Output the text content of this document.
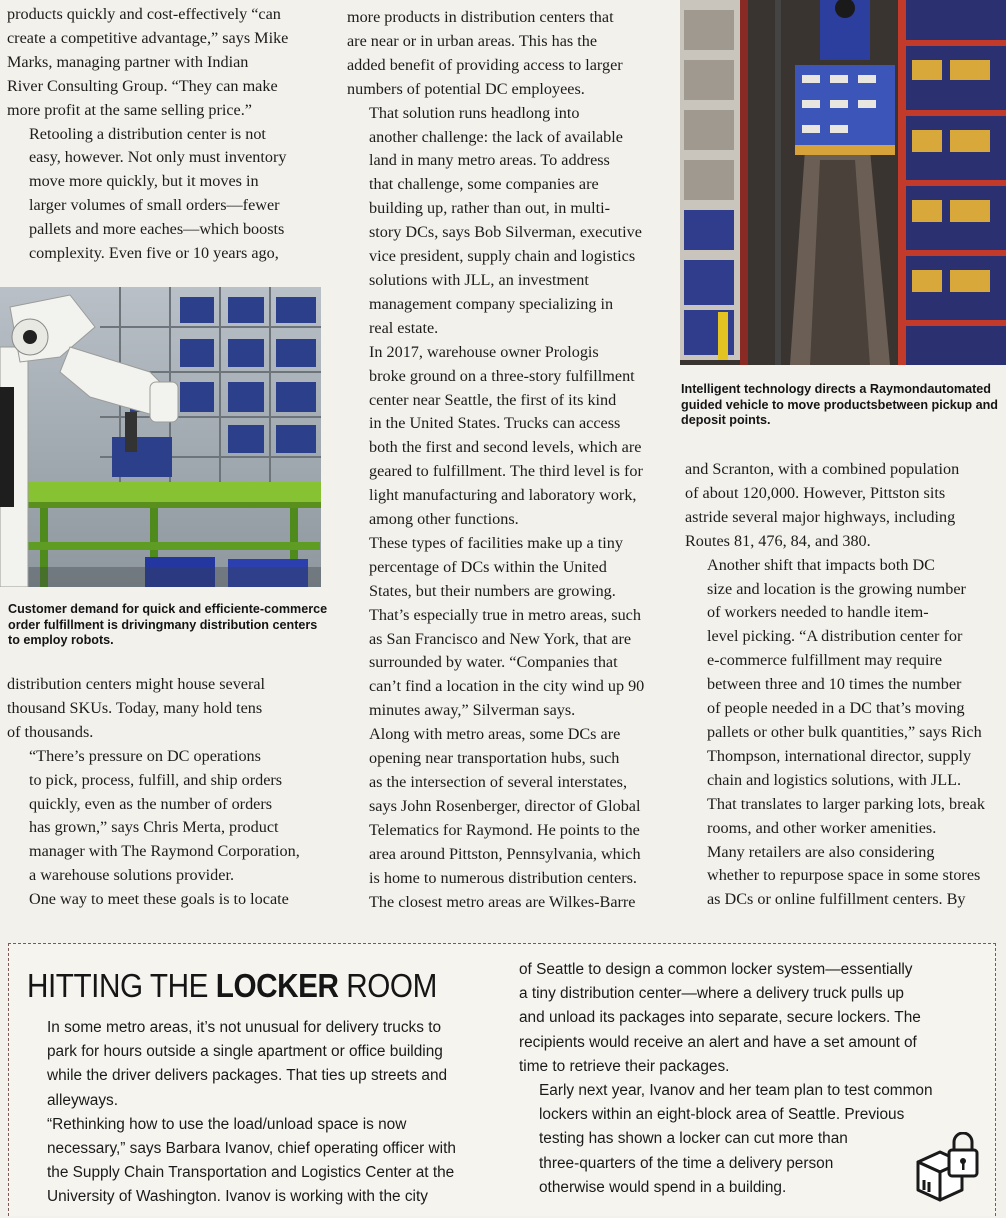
products quickly and cost-effectively “can
create a competitive advantage,” says Mike
Marks, managing partner with Indian
River Consulting Group. “They can make
more profit at the same selling price.”

Retooling a distribution center is not
easy, however. Not only must inventory
move more quickly, but it moves in
larger volumes of small orders—fewer
pallets and more eaches—which boosts
complexity. Even five or 10 years ago,

Customer demand for quick and efficiente-commerce order fulfillment is drivingmany distribution centers to employ robots.

distribution centers might house several
thousand SKUs. Today, many hold tens
of thousands.

“There’s pressure on DC operations
to pick, process, fulfill, and ship orders
quickly, even as the number of orders
has grown,” says Chris Merta, product
manager with The Raymond Corporation,
a warehouse solutions provider.

One way to meet these goals is to locate

more products in distribution centers that
are near or in urban areas. This has the
added benefit of providing access to larger
numbers of potential DC employees.

That solution runs headlong into
another challenge: the lack of available
land in many metro areas. To address
that challenge, some companies are
building up, rather than out, in multi-
story DCs, says Bob Silverman, executive
vice president, supply chain and logistics
solutions with JLL, an investment
management company specializing in
real estate.

In 2017, warehouse owner Prologis
broke ground on a three-story fulfillment
center near Seattle, the first of its kind
in the United States. Trucks can access
both the first and second levels, which are
geared to fulfillment. The third level is for
light manufacturing and laboratory work,
among other functions.

These types of facilities make up a tiny
percentage of DCs within the United
States, but their numbers are growing.
That’s especially true in metro areas, such
as San Francisco and New York, that are
surrounded by water. “Companies that
can’t find a location in the city wind up 90
minutes away,” Silverman says.

Along with metro areas, some DCs are
opening near transportation hubs, such
as the intersection of several interstates,
says John Rosenberger, director of Global
Telematics for Raymond. He points to the
area around Pittston, Pennsylvania, which
is home to numerous distribution centers.
The closest metro areas are Wilkes-Barre

Intelligent technology directs a Raymondautomated guided vehicle to move productsbetween pickup and deposit points.

and Scranton, with a combined population
of about 120,000. However, Pittston sits
astride several major highways, including
Routes 81, 476, 84, and 380.

Another shift that impacts both DC
size and location is the growing number
of workers needed to handle item-
level picking. “A distribution center for
e-commerce fulfillment may require
between three and 10 times the number
of people needed in a DC that’s moving
pallets or other bulk quantities,” says Rich
Thompson, international director, supply
chain and logistics solutions, with JLL.
That translates to larger parking lots, break
rooms, and other worker amenities.

Many retailers are also considering
whether to repurpose space in some stores
as DCs or online fulfillment centers. By

HITTING THE LOCKER ROOM

In some metro areas, it’s not unusual for delivery trucks to
park for hours outside a single apartment or office building
while the driver delivers packages. That ties up streets and
alleyways.

“Rethinking how to use the load/unload space is now
necessary,” says Barbara Ivanov, chief operating officer with
the Supply Chain Transportation and Logistics Center at the
University of Washington. Ivanov is working with the city

of Seattle to design a common locker system—essentially
a tiny distribution center—where a delivery truck pulls up
and unload its packages into separate, secure lockers. The
recipients would receive an alert and have a set amount of
time to retrieve their packages.

Early next year, Ivanov and her team plan to test common
lockers within an eight-block area of Seattle. Previous
testing has shown a locker can cut more than
three-quarters of the time a delivery person
otherwise would spend in a building.
